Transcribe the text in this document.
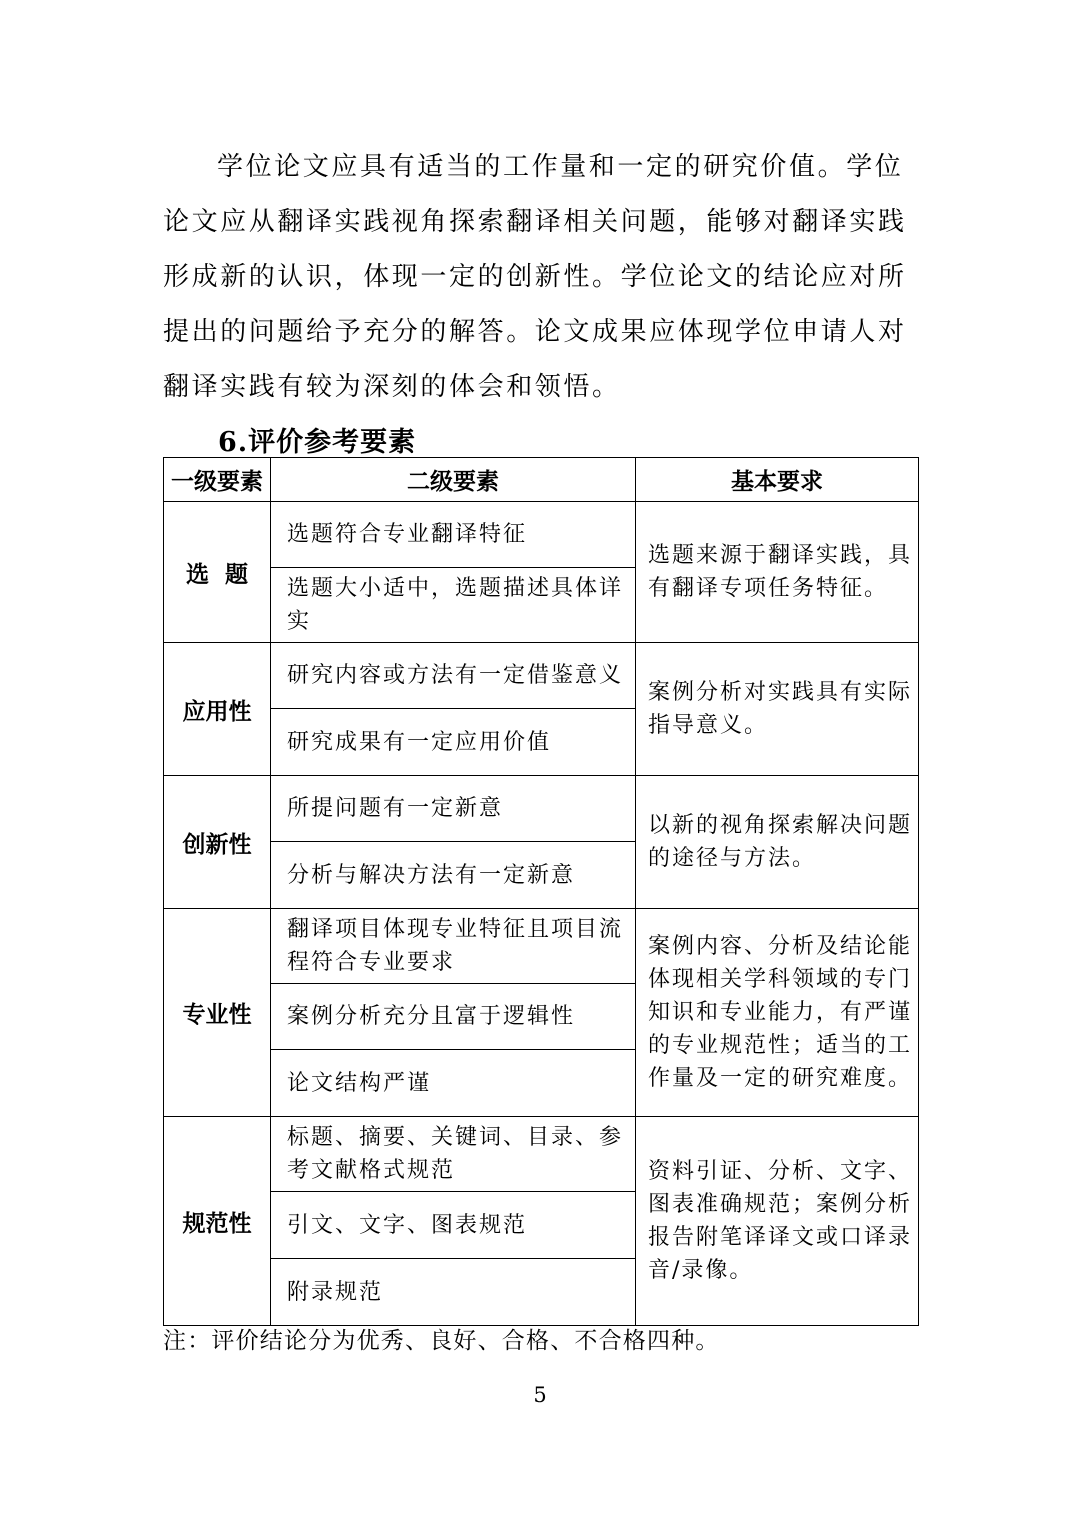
学位论文应具有适当的工作量和一定的研究价值。学位
论文应从翻译实践视角探索翻译相关问题，能够对翻译实践
形成新的认识，体现一定的创新性。学位论文的结论应对所
提出的问题给予充分的解答。论文成果应体现学位申请人对
翻译实践有较为深刻的体会和领悟。
6.评价参考要素
一级要素	二级要素	基本要求
选  题	选题符合专业翻译特征	选题来源于翻译实践，具有翻译专项任务特征。
	选题大小适中，选题描述具体详实	
应用性	研究内容或方法有一定借鉴意义	案例分析对实践具有实际指导意义。
	研究成果有一定应用价值	
创新性	所提问题有一定新意	以新的视角探索解决问题的途径与方法。
	分析与解决方法有一定新意	
专业性	翻译项目体现专业特征且项目流程符合专业要求	案例内容、分析及结论能体现相关学科领域的专门知识和专业能力，有严谨的专业规范性；适当的工作量及一定的研究难度。
	案例分析充分且富于逻辑性	
	论文结构严谨	
规范性	标题、摘要、关键词、目录、参考文献格式规范	资料引证、分析、文字、图表准确规范；案例分析报告附笔译译文或口译录音/录像。
	引文、文字、图表规范	
	附录规范	
注：评价结论分为优秀、良好、合格、不合格四种。
5
